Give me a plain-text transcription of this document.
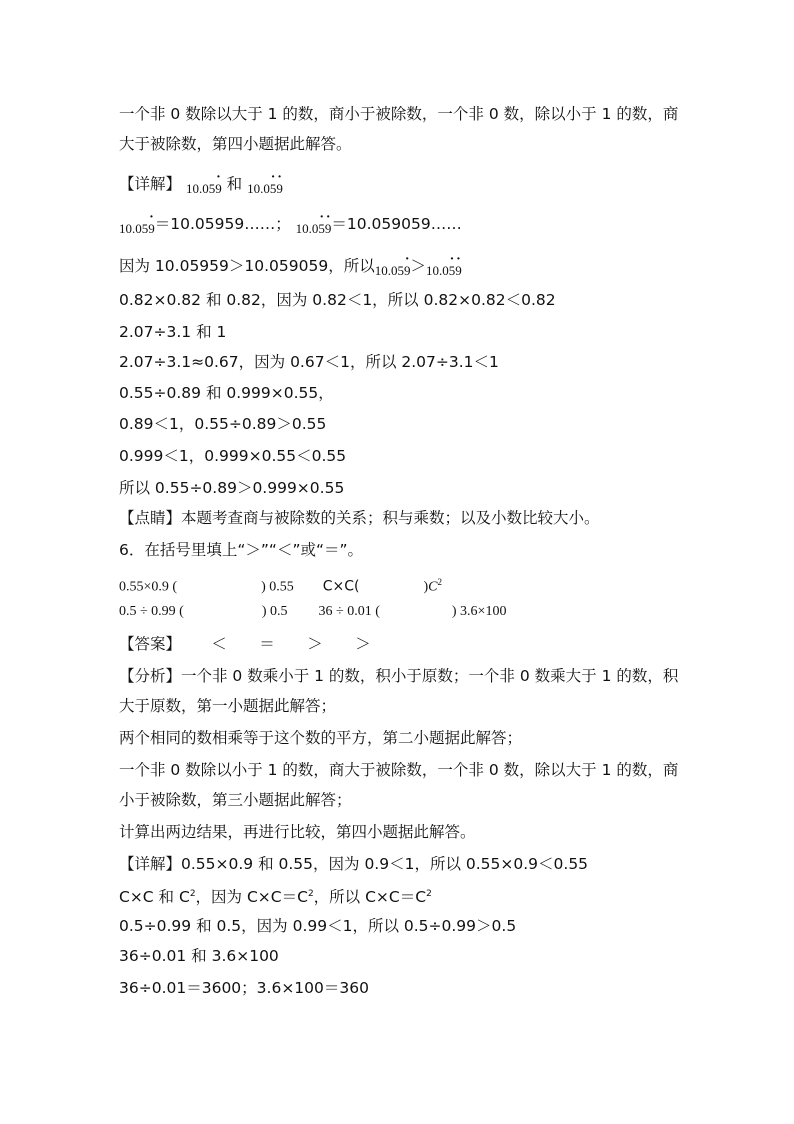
一个非 0 数除以大于 1 的数，商小于被除数，一个非 0 数，除以小于 1 的数，商
大于被除数，第四小题据此解答。
【详解】 $_{10.05\cdot 9}$ 和 $_{10.0\cdot 5\cdot 9}$
$_{10.05\cdot 9}$＝10.05959……； $_{10.0\cdot 5\cdot 9}$＝10.059059……
因为 10.05959＞10.059059，所以$_{10.05\cdot 9}>_{10.0\cdot 5\cdot 9}$
0.82×0.82 和 0.82，因为 0.82＜1，所以 0.82×0.82＜0.82
2.07÷3.1 和 1
2.07÷3.1≈0.67，因为 0.67＜1，所以 2.07÷3.1＜1
0.55÷0.89 和 0.999×0.55，
0.89＜1，0.55÷0.89＞0.55
0.999＜1，0.999×0.55＜0.55
所以 0.55÷0.89＞0.999×0.55
【点睛】本题考查商与被除数的关系；积与乘数；以及小数比较大小。
6．在括号里填上“＞”“＜”或“＝”。
0.55×0.9 (	) 0.55 C×C(	)$C^2$
0.5 ÷ 0.99 (	) 0.5 36 ÷ 0.01 (	) 3.6×100
【答案】 ＜ ＝ ＞ ＞
【分析】一个非 0 数乘小于 1 的数，积小于原数；一个非 0 数乘大于 1 的数，积
大于原数，第一小题据此解答；
两个相同的数相乘等于这个数的平方，第二小题据此解答；
一个非 0 数除以小于 1 的数，商大于被除数，一个非 0 数，除以大于 1 的数，商
小于被除数，第三小题据此解答；
计算出两边结果，再进行比较，第四小题据此解答。
【详解】0.55×0.9 和 0.55，因为 0.9＜1，所以 0.55×0.9＜0.55
C×C 和 $C^2$，因为 $C\times C=C^2$，所以 $C\times C=C^2$
0.5÷0.99 和 0.5，因为 0.99＜1，所以 0.5÷0.99＞0.5
36÷0.01 和 3.6×100
36÷0.01＝3600；3.6×100＝360
